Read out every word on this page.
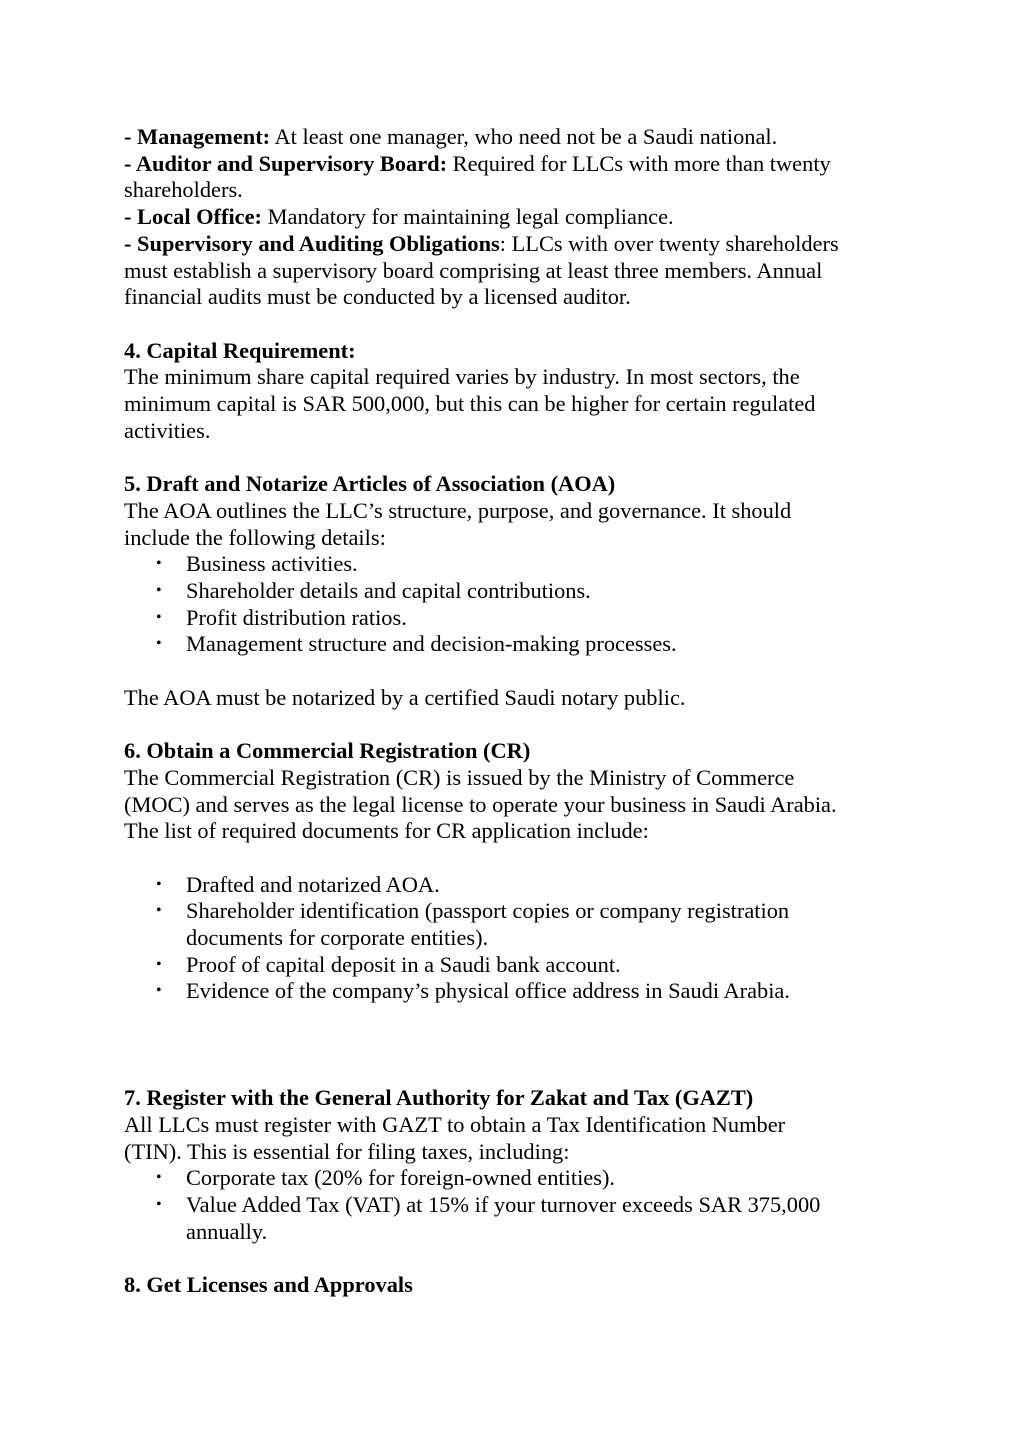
- Management: At least one manager, who need not be a Saudi national.
- Auditor and Supervisory Board: Required for LLCs with more than twenty
shareholders.
- Local Office: Mandatory for maintaining legal compliance.
- Supervisory and Auditing Obligations: LLCs with over twenty shareholders
must establish a supervisory board comprising at least three members. Annual
financial audits must be conducted by a licensed auditor.
4. Capital Requirement:
The minimum share capital required varies by industry. In most sectors, the
minimum capital is SAR 500,000, but this can be higher for certain regulated
activities.
5. Draft and Notarize Articles of Association (AOA)
The AOA outlines the LLC’s structure, purpose, and governance. It should
include the following details:
• Business activities.
• Shareholder details and capital contributions.
• Profit distribution ratios.
• Management structure and decision-making processes.
The AOA must be notarized by a certified Saudi notary public.
6. Obtain a Commercial Registration (CR)
The Commercial Registration (CR) is issued by the Ministry of Commerce
(MOC) and serves as the legal license to operate your business in Saudi Arabia.
The list of required documents for CR application include:
• Drafted and notarized AOA.
• Shareholder identification (passport copies or company registration
documents for corporate entities).
• Proof of capital deposit in a Saudi bank account.
• Evidence of the company’s physical office address in Saudi Arabia.
7. Register with the General Authority for Zakat and Tax (GAZT)
All LLCs must register with GAZT to obtain a Tax Identification Number
(TIN). This is essential for filing taxes, including:
• Corporate tax (20% for foreign-owned entities).
• Value Added Tax (VAT) at 15% if your turnover exceeds SAR 375,000
annually.
8. Get Licenses and Approvals
